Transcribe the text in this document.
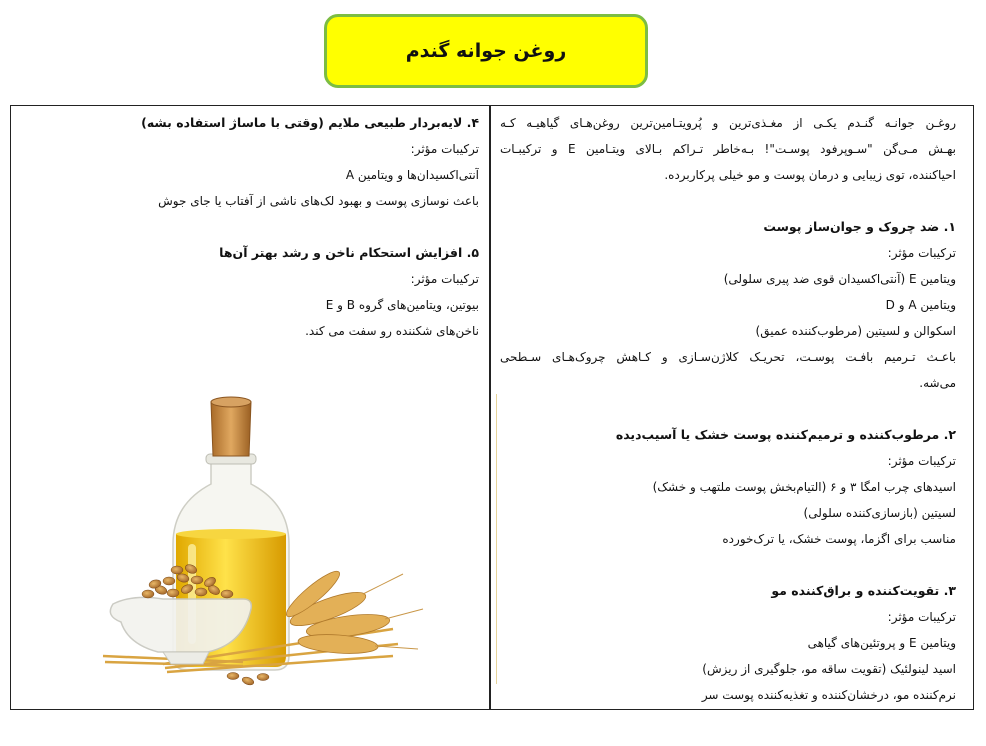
روغن جوانه گندم
روغـن جوانـه گنـدم یکـی از مغـذی‌ترین و پُرویتـامین‌ترین روغن‌هـای گیاهیـه کـه
بهـش مـی‌گن "سـوپرفود پوسـت"! بـه‌خاطر تـراکم بـالای ویتـامین E و ترکیبـات
احیاکننده، توی زیبایی و درمان پوست و مو خیلی پرکاربرده.
۱. ضد چروک و جوان‌ساز پوست
ترکیبات مؤثر:
ویتامین E (آنتی‌اکسیدان قوی ضد پیری سلولی)
ویتامین A و D
اسکوالن و لسیتین (مرطوب‌کننده عمیق)
باعـث تـرمیم بافـت پوسـت، تحریـک کلاژن‌سـازی و کـاهش چروک‌هـای سـطحی
می‌شه.
۲. مرطوب‌کننده و ترمیم‌کننده پوست خشک یا آسیب‌دیده
ترکیبات مؤثر:
اسیدهای چرب امگا ۳ و ۶ (التیام‌بخش پوست ملتهب و خشک)
لسیتین (بازسازی‌کننده سلولی)
مناسب برای اگزما، پوست خشک، یا ترک‌خورده
۳. تقویت‌کننده و براق‌کننده مو
ترکیبات مؤثر:
ویتامین E و پروتئین‌های گیاهی
اسید لینولئیک (تقویت ساقه مو، جلوگیری از ریزش)
نرم‌کننده مو، درخشان‌کننده و تغذیه‌کننده پوست سر
۴. لایه‌بردار طبیعی ملایم (وقتی با ماساژ استفاده بشه)
ترکیبات مؤثر:
آنتی‌اکسیدان‌ها و ویتامین A
باعث نوسازی پوست و بهبود لک‌های ناشی از آفتاب یا جای جوش
۵. افزایش استحکام ناخن و رشد بهتر آن‌ها
ترکیبات مؤثر:
بیوتین، ویتامین‌های گروه B و E
ناخن‌های شکننده رو سفت می کند.
